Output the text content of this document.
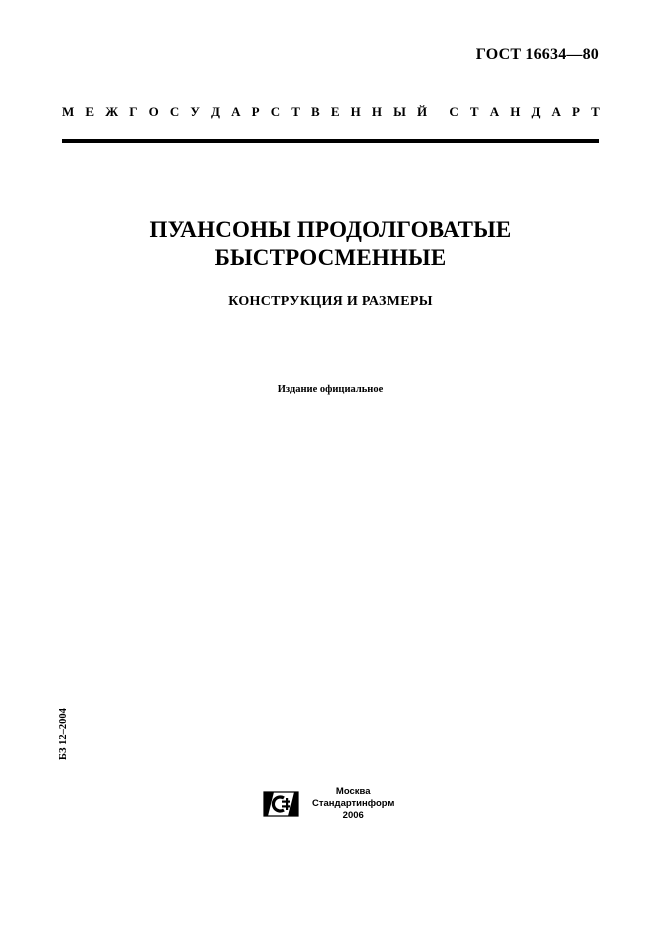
ГОСТ 16634—80
М Е Ж Г О С У Д А Р С Т В Е Н Н Ы Й С Т А Н Д А Р Т
ПУАНСОНЫ ПРОДОЛГОВАТЫЕ
БЫСТРОСМЕННЫЕ
КОНСТРУКЦИЯ И РАЗМЕРЫ
Издание официальное
БЗ 12–2004
Москва
Стандартинформ
2006
